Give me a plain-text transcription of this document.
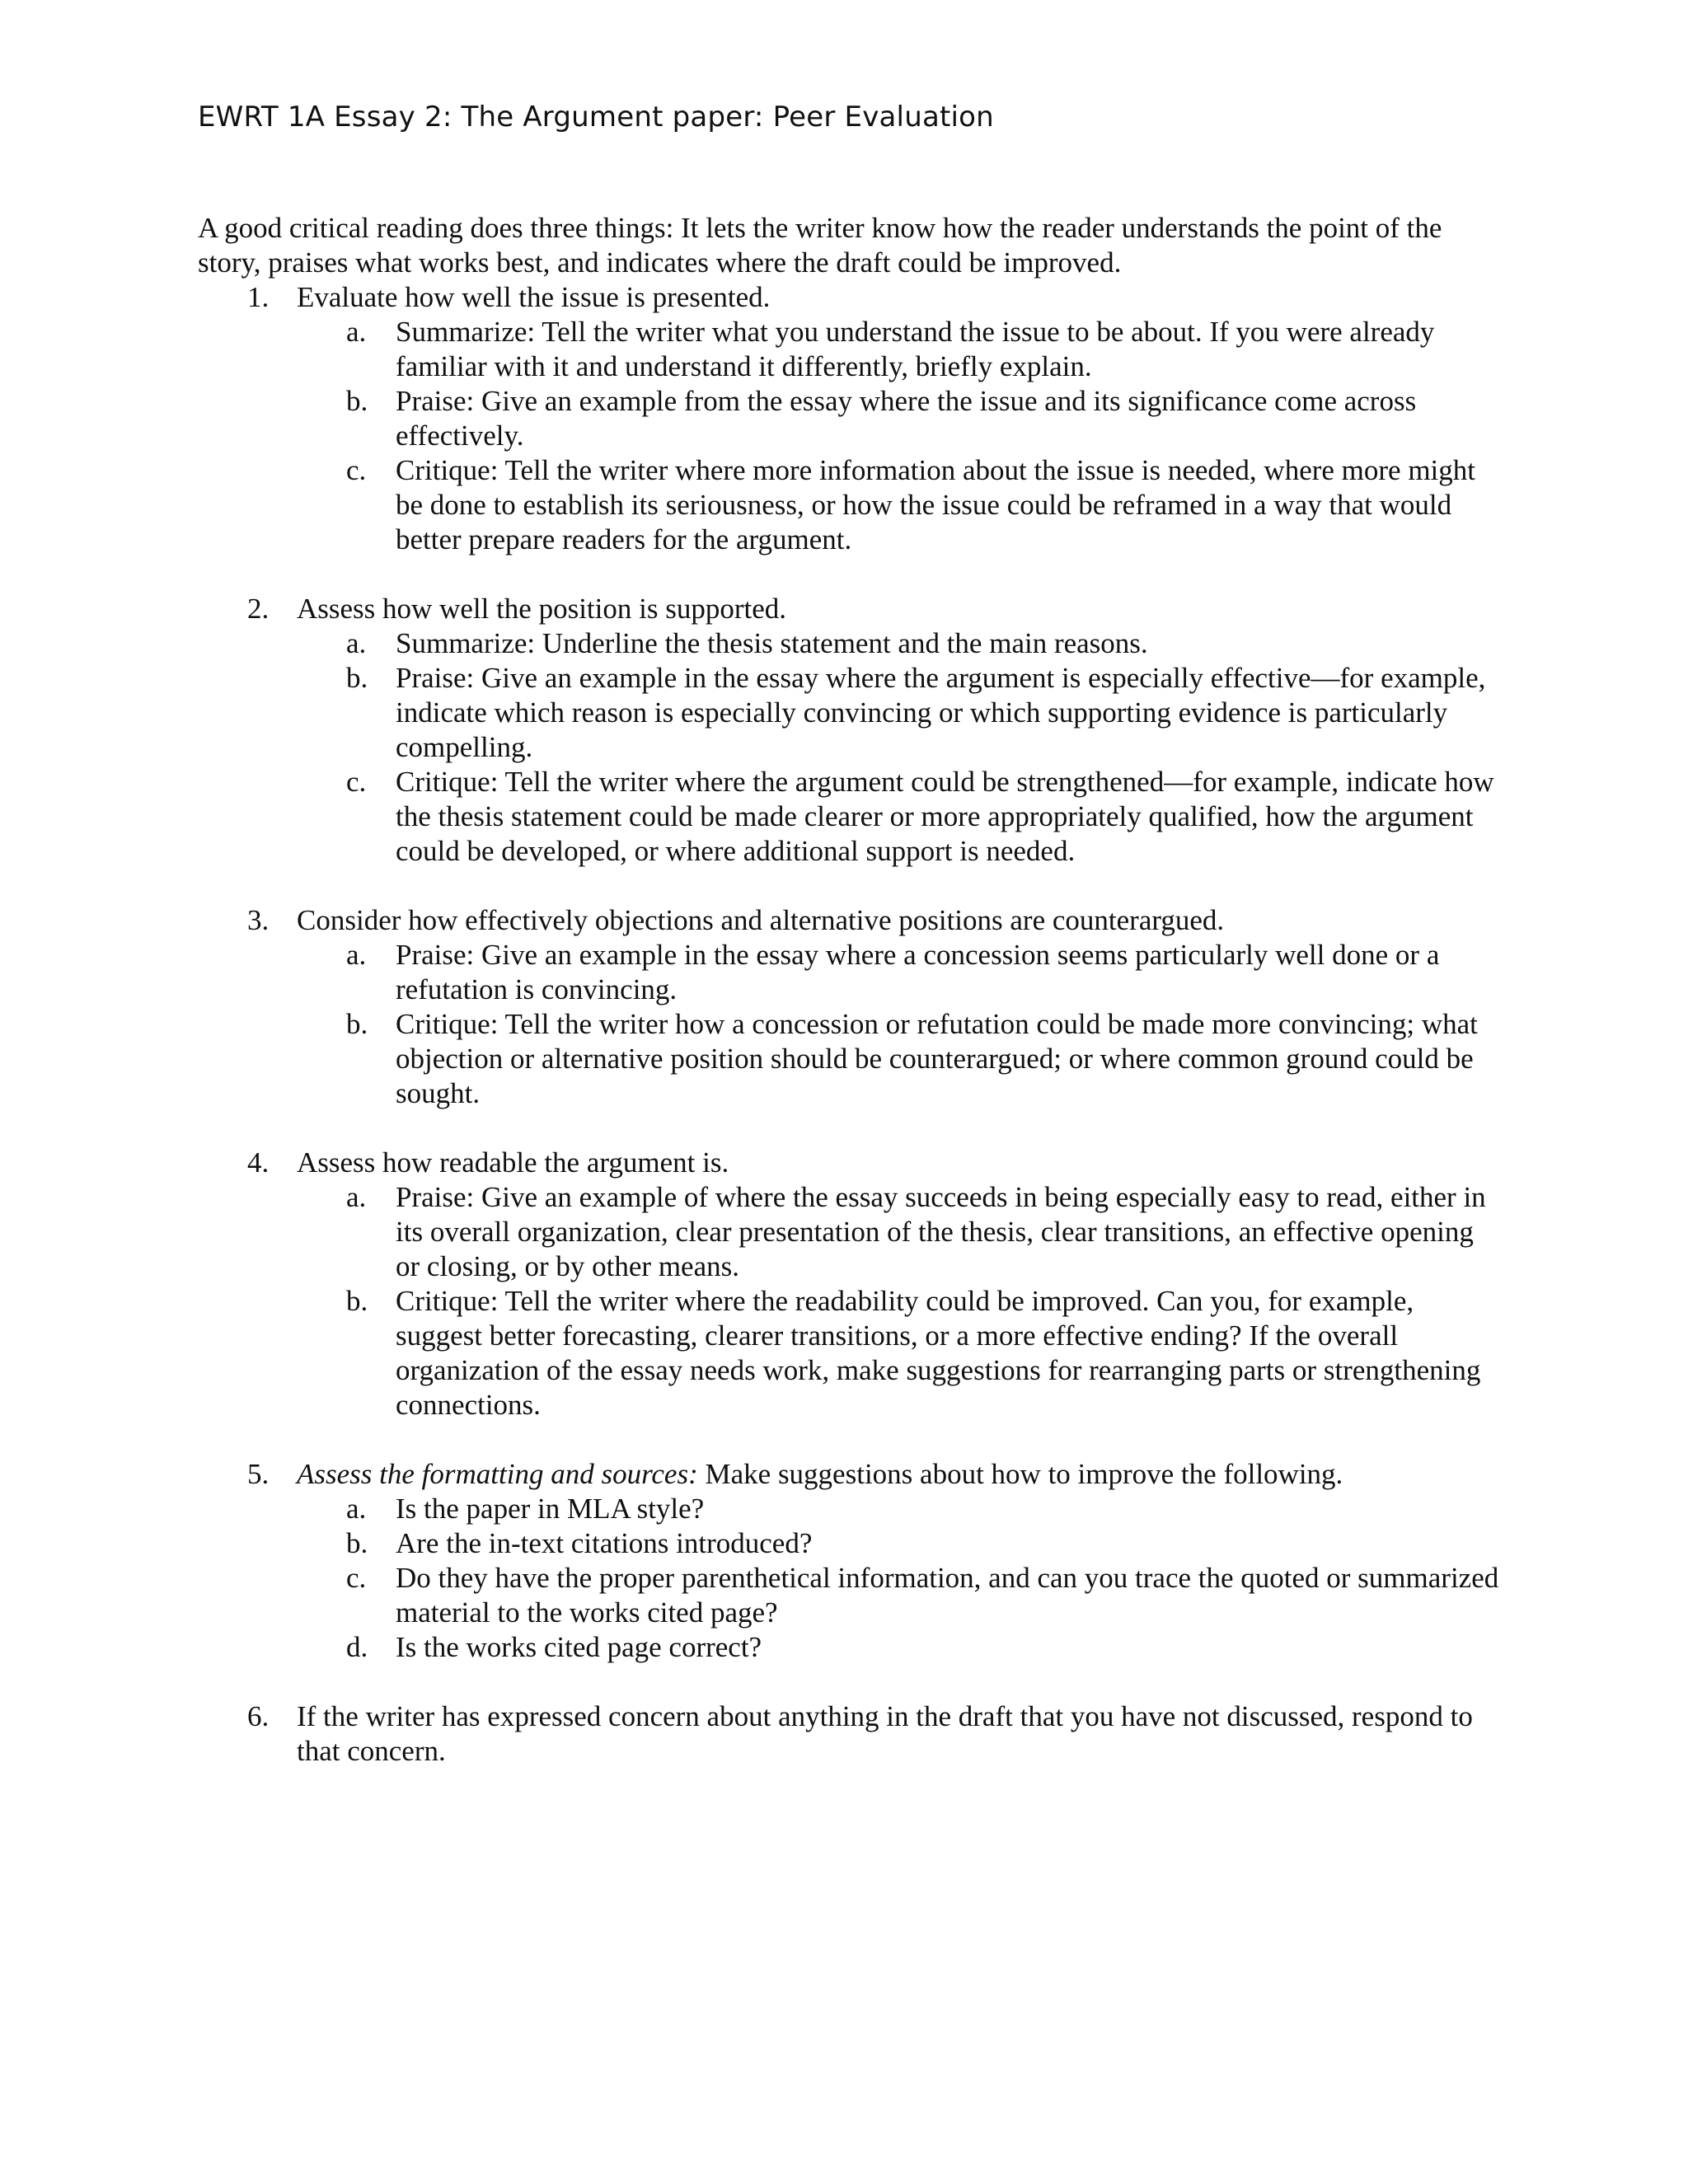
EWRT 1A Essay 2: The Argument paper: Peer Evaluation

A good critical reading does three things: It lets the writer know how the reader understands the point of the story, praises what works best, and indicates where the draft could be improved.

1. Evaluate how well the issue is presented.
a. Summarize: Tell the writer what you understand the issue to be about. If you were already familiar with it and understand it differently, briefly explain.
b. Praise: Give an example from the essay where the issue and its significance come across effectively.
c. Critique: Tell the writer where more information about the issue is needed, where more might be done to establish its seriousness, or how the issue could be reframed in a way that would better prepare readers for the argument.
2. Assess how well the position is supported.
a. Summarize: Underline the thesis statement and the main reasons.
b. Praise: Give an example in the essay where the argument is especially effective—for example, indicate which reason is especially convincing or which supporting evidence is particularly compelling.
c. Critique: Tell the writer where the argument could be strengthened—for example, indicate how the thesis statement could be made clearer or more appropriately qualified, how the argument could be developed, or where additional support is needed.
3. Consider how effectively objections and alternative positions are counterargued.
a. Praise: Give an example in the essay where a concession seems particularly well done or a refutation is convincing.
b. Critique: Tell the writer how a concession or refutation could be made more convincing; what objection or alternative position should be counterargued; or where common ground could be sought.
4. Assess how readable the argument is.
a. Praise: Give an example of where the essay succeeds in being especially easy to read, either in its overall organization, clear presentation of the thesis, clear transitions, an effective opening or closing, or by other means.
b. Critique: Tell the writer where the readability could be improved. Can you, for example, suggest better forecasting, clearer transitions, or a more effective ending? If the overall organization of the essay needs work, make suggestions for rearranging parts or strengthening connections.
5. Assess the formatting and sources: Make suggestions about how to improve the following.
a. Is the paper in MLA style?
b. Are the in-text citations introduced?
c. Do they have the proper parenthetical information, and can you trace the quoted or summarized material to the works cited page?
d. Is the works cited page correct?
6. If the writer has expressed concern about anything in the draft that you have not discussed, respond to that concern.
